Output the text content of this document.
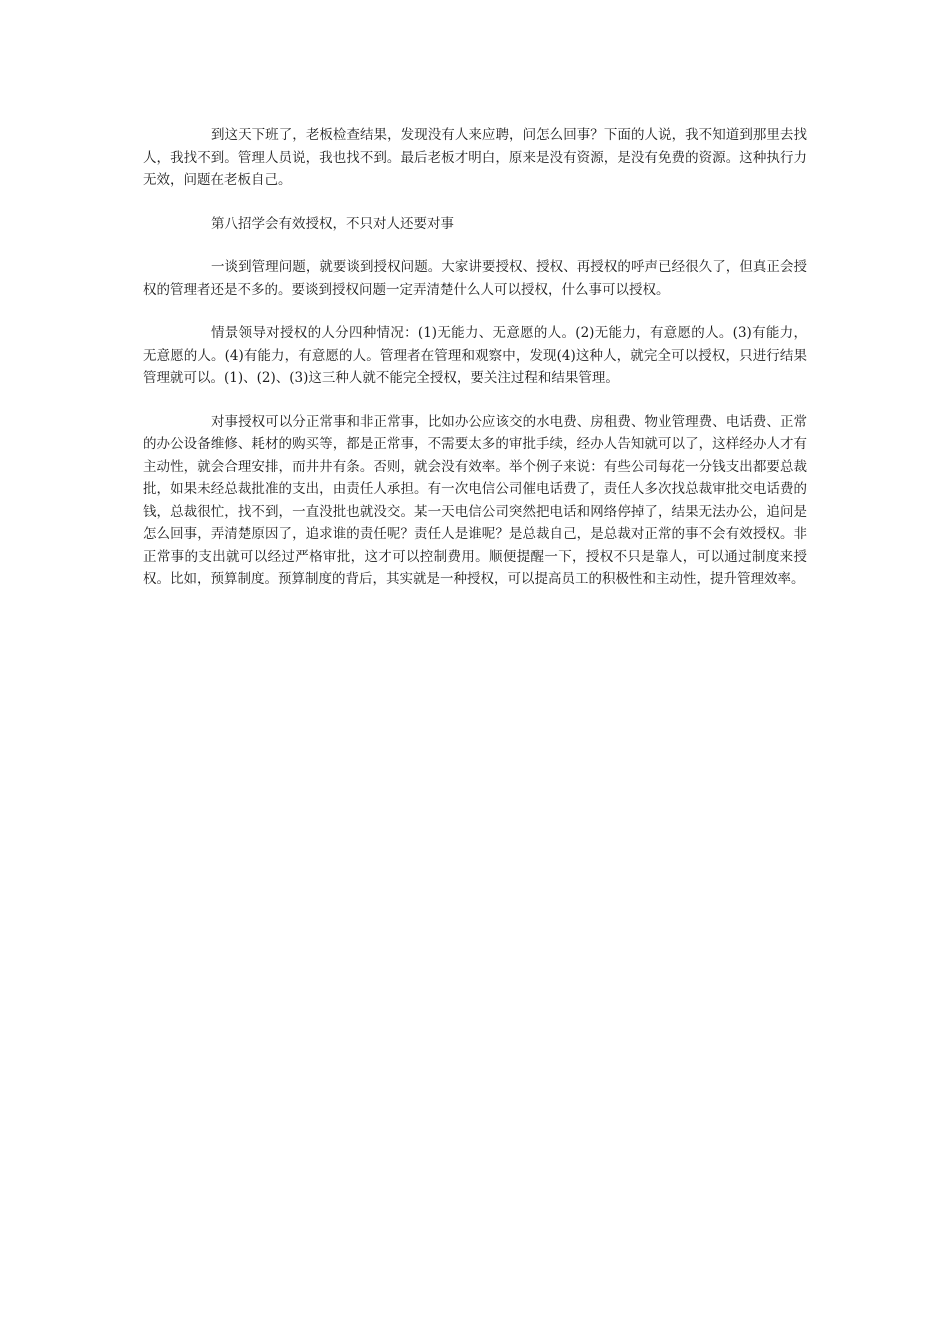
到这天下班了，老板检查结果，发现没有人来应聘，问怎么回事？下面的人说，我不知道到那里去找人，我找不到。管理人员说，我也找不到。最后老板才明白，原来是没有资源，是没有免费的资源。这种执行力无效，问题在老板自己。

第八招学会有效授权，不只对人还要对事

一谈到管理问题，就要谈到授权问题。大家讲要授权、授权、再授权的呼声已经很久了，但真正会授权的管理者还是不多的。要谈到授权问题一定弄清楚什么人可以授权，什么事可以授权。

情景领导对授权的人分四种情况：(1)无能力、无意愿的人。(2)无能力，有意愿的人。(3)有能力，无意愿的人。(4)有能力，有意愿的人。管理者在管理和观察中，发现(4)这种人，就完全可以授权，只进行结果管理就可以。(1)、(2)、(3)这三种人就不能完全授权，要关注过程和结果管理。

对事授权可以分正常事和非正常事，比如办公应该交的水电费、房租费、物业管理费、电话费、正常的办公设备维修、耗材的购买等，都是正常事，不需要太多的审批手续，经办人告知就可以了，这样经办人才有主动性，就会合理安排，而井井有条。否则，就会没有效率。举个例子来说：有些公司每花一分钱支出都要总裁批，如果未经总裁批准的支出，由责任人承担。有一次电信公司催电话费了，责任人多次找总裁审批交电话费的钱，总裁很忙，找不到，一直没批也就没交。某一天电信公司突然把电话和网络停掉了，结果无法办公，追问是怎么回事，弄清楚原因了，追求谁的责任呢？责任人是谁呢？是总裁自己，是总裁对正常的事不会有效授权。非正常事的支出就可以经过严格审批，这才可以控制费用。顺便提醒一下，授权不只是靠人，可以通过制度来授权。比如，预算制度。预算制度的背后，其实就是一种授权，可以提高员工的积极性和主动性，提升管理效率。
